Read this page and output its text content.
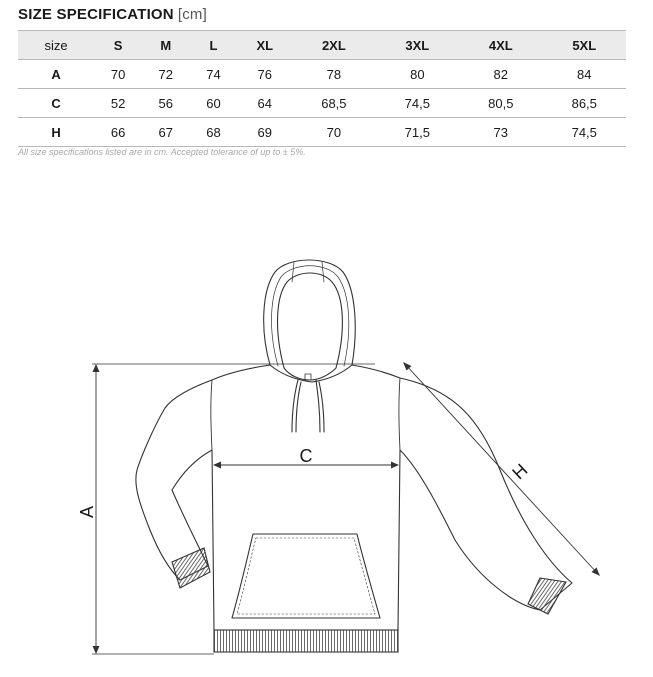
SIZE SPECIFICATION [cm]
size	S	M	L	XL	2XL	3XL	4XL	5XL
A	70	72	74	76	78	80	82	84
C	52	56	60	64	68,5	74,5	80,5	86,5
H	66	67	68	69	70	71,5	73	74,5
All size specifications listed are in cm. Accepted tolerance of up to ± 5%.
A
C
H
